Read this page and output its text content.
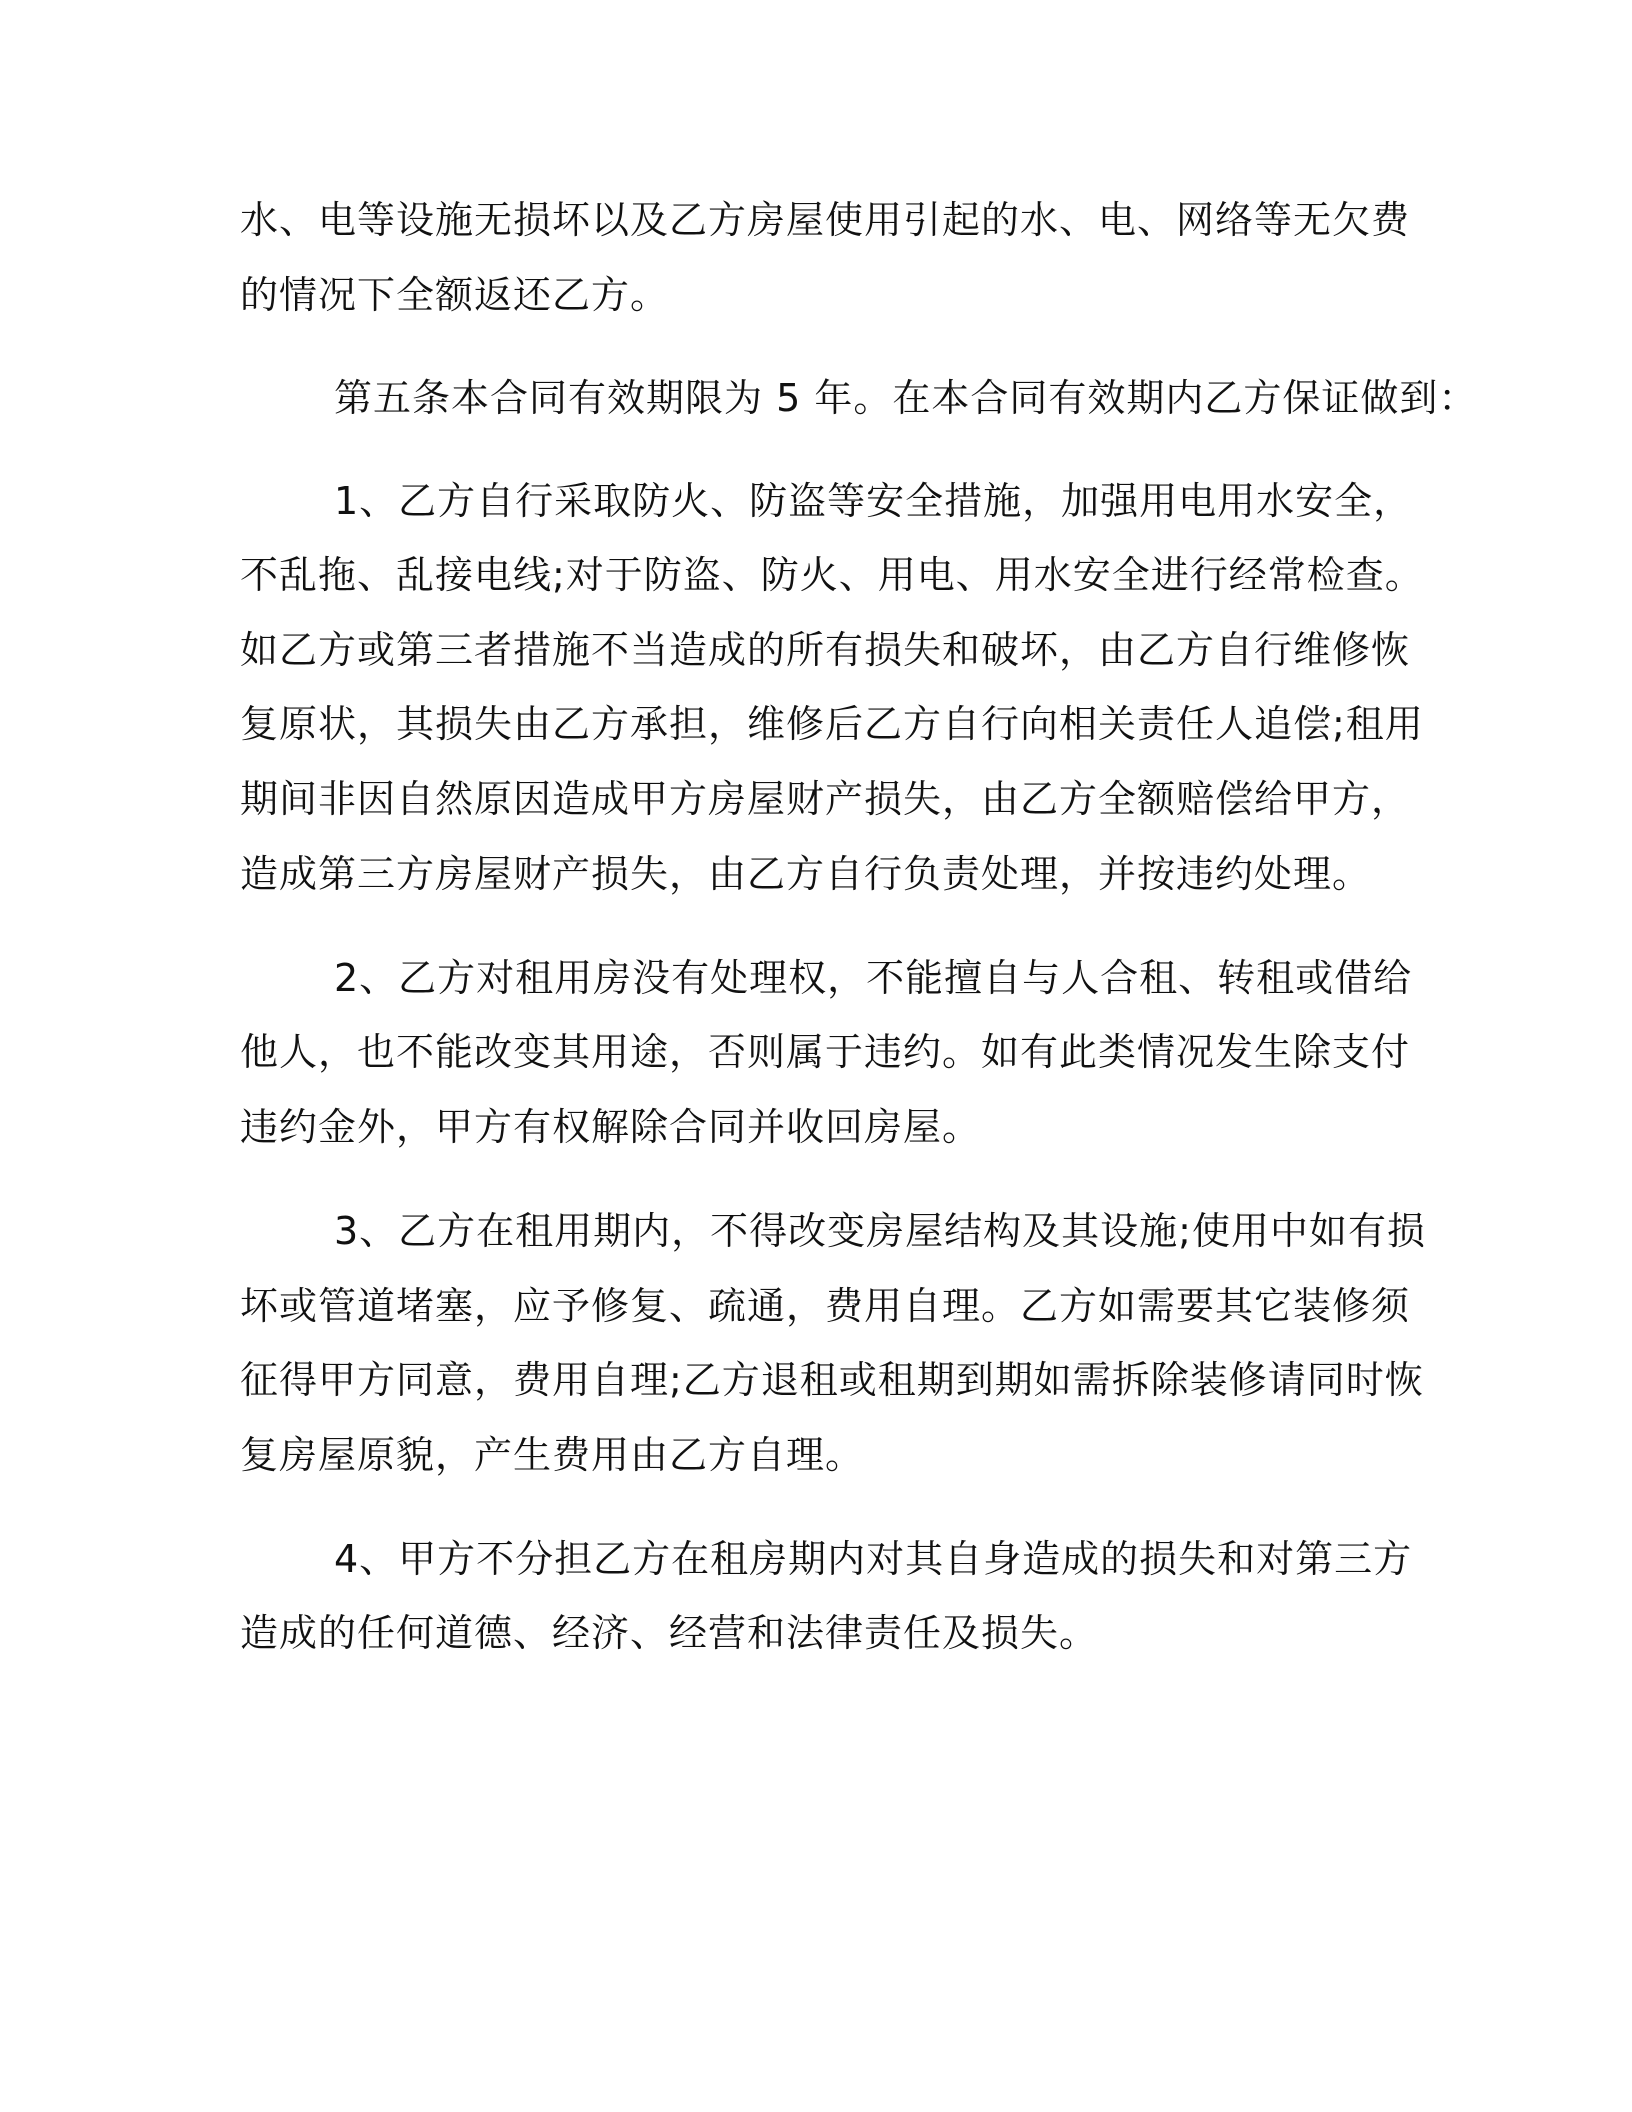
水、电等设施无损坏以及乙方房屋使用引起的水、电、网络等无欠费
的情况下全额返还乙方。
第五条本合同有效期限为 5 年。在本合同有效期内乙方保证做到：
1、乙方自行采取防火、防盗等安全措施，加强用电用水安全，
不乱拖、乱接电线;对于防盗、防火、用电、用水安全进行经常检查。
如乙方或第三者措施不当造成的所有损失和破坏，由乙方自行维修恢
复原状，其损失由乙方承担，维修后乙方自行向相关责任人追偿;租用
期间非因自然原因造成甲方房屋财产损失，由乙方全额赔偿给甲方，
造成第三方房屋财产损失，由乙方自行负责处理，并按违约处理。
2、乙方对租用房没有处理权，不能擅自与人合租、转租或借给
他人，也不能改变其用途，否则属于违约。如有此类情况发生除支付
违约金外，甲方有权解除合同并收回房屋。
3、乙方在租用期内，不得改变房屋结构及其设施;使用中如有损
坏或管道堵塞，应予修复、疏通，费用自理。乙方如需要其它装修须
征得甲方同意，费用自理;乙方退租或租期到期如需拆除装修请同时恢
复房屋原貌，产生费用由乙方自理。
4、甲方不分担乙方在租房期内对其自身造成的损失和对第三方
造成的任何道德、经济、经营和法律责任及损失。
